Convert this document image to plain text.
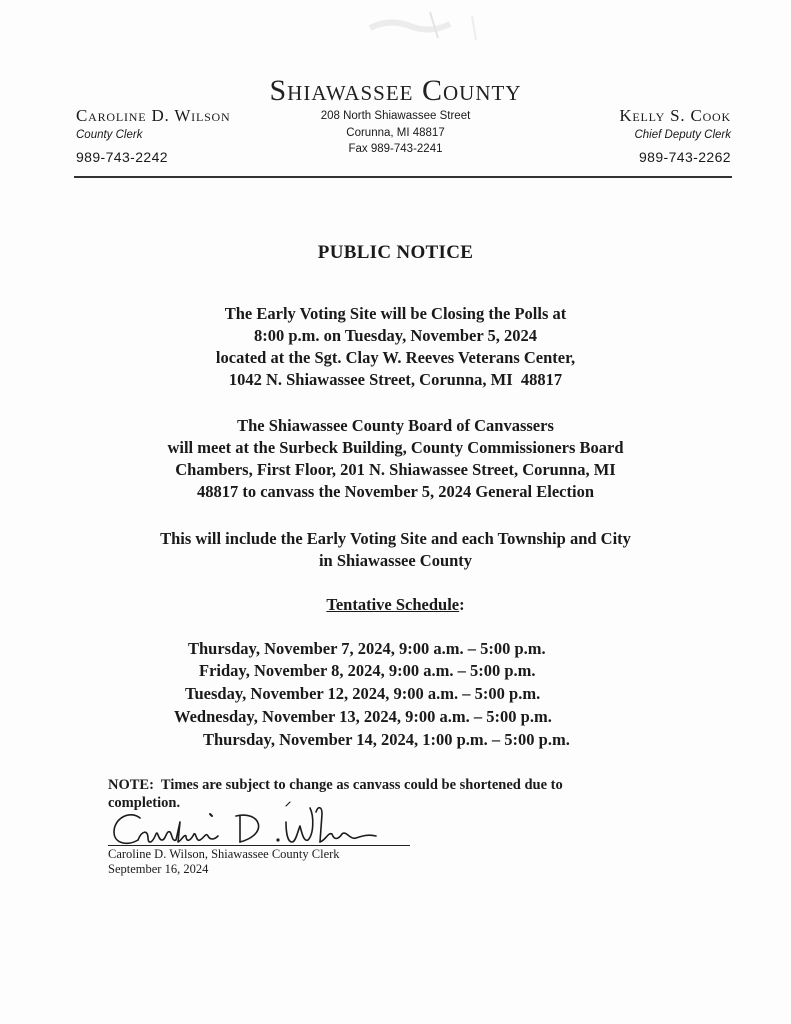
Shiawassee County
Caroline D. Wilson
County Clerk
989-743-2242
208 North Shiawassee Street
Corunna, MI 48817
Fax 989-743-2241
Kelly S. Cook
Chief Deputy Clerk
989-743-2262
PUBLIC NOTICE
The Early Voting Site will be Closing the Polls at
8:00 p.m. on Tuesday, November 5, 2024
located at the Sgt. Clay W. Reeves Veterans Center,
1042 N. Shiawassee Street, Corunna, MI  48817
The Shiawassee County Board of Canvassers
will meet at the Surbeck Building, County Commissioners Board
Chambers, First Floor, 201 N. Shiawassee Street, Corunna, MI
48817 to canvass the November 5, 2024 General Election
This will include the Early Voting Site and each Township and City
in Shiawassee County
Tentative Schedule:
Thursday, November 7, 2024, 9:00 a.m. – 5:00 p.m.
Friday, November 8, 2024, 9:00 a.m. – 5:00 p.m.
Tuesday, November 12, 2024, 9:00 a.m. – 5:00 p.m.
Wednesday, November 13, 2024, 9:00 a.m. – 5:00 p.m.
Thursday, November 14, 2024, 1:00 p.m. – 5:00 p.m.
NOTE:  Times are subject to change as canvass could be shortened due to
completion.
Caroline D. Wilson, Shiawassee County Clerk
September 16, 2024
